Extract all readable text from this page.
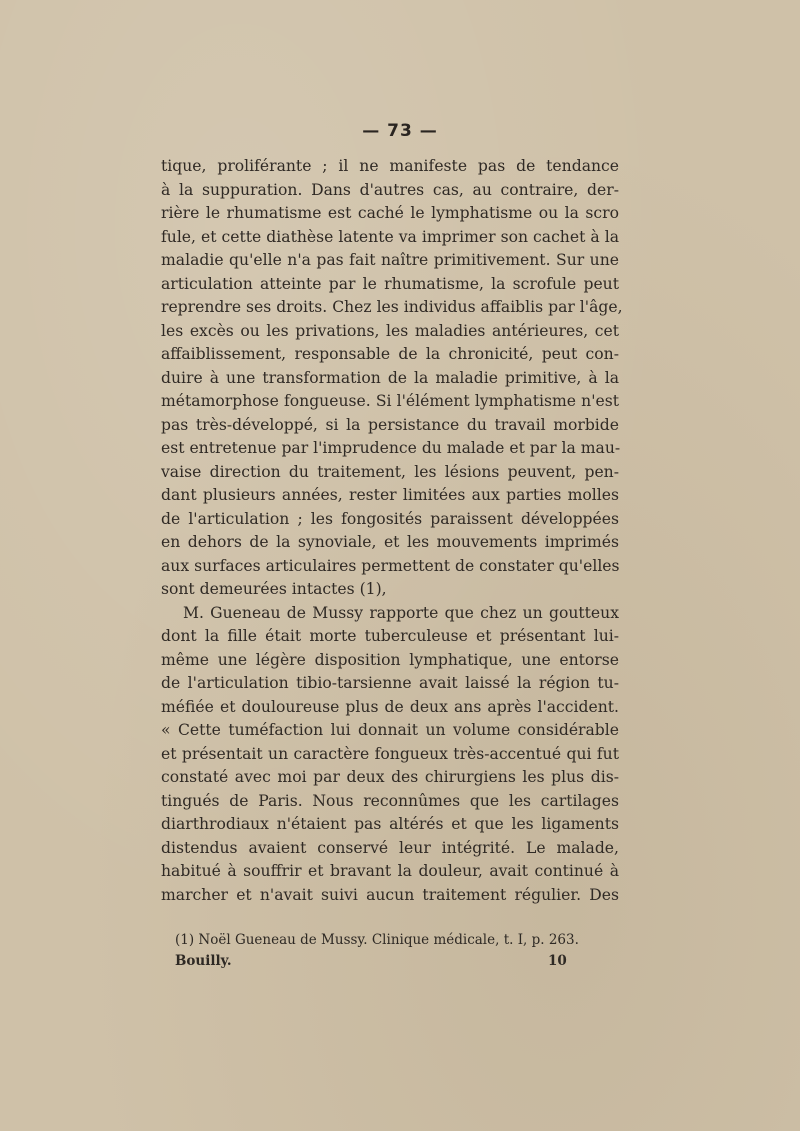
— 73 —
tique, proliférante ; il ne manifeste pas de tendance
à la suppuration. Dans d'autres cas, au contraire, der-
rière le rhumatisme est caché le lymphatisme ou la scro
fule, et cette diathèse latente va imprimer son cachet à la
maladie qu'elle n'a pas fait naître primitivement. Sur une
articulation atteinte par le rhumatisme, la scrofule peut
reprendre ses droits. Chez les individus affaiblis par l'âge,
les excès ou les privations, les maladies antérieures, cet
affaiblissement, responsable de la chronicité, peut con-
duire à une transformation de la maladie primitive, à la
métamorphose fongueuse. Si l'élément lymphatisme n'est
pas très-développé, si la persistance du travail morbide
est entretenue par l'imprudence du malade et par la mau-
vaise direction du traitement, les lésions peuvent, pen-
dant plusieurs années, rester limitées aux parties molles
de l'articulation ; les fongosités paraissent développées
en dehors de la synoviale, et les mouvements imprimés
aux surfaces articulaires permettent de constater qu'elles
sont demeurées intactes (1),
M. Gueneau de Mussy rapporte que chez un goutteux
dont la fille était morte tuberculeuse et présentant lui-
même une légère disposition lymphatique, une entorse
de l'articulation tibio-tarsienne avait laissé la région tu-
méfiée et douloureuse plus de deux ans après l'accident.
« Cette tuméfaction lui donnait un volume considérable
et présentait un caractère fongueux très-accentué qui fut
constaté avec moi par deux des chirurgiens les plus dis-
tingués de Paris. Nous reconnûmes que les cartilages
diarthrodiaux n'étaient pas altérés et que les ligaments
distendus avaient conservé leur intégrité. Le malade,
habitué à souffrir et bravant la douleur, avait continué à
marcher et n'avait suivi aucun traitement régulier. Des
(1) Noël Gueneau de Mussy. Clinique médicale, t. I, p. 263.
Bouilly.	10
